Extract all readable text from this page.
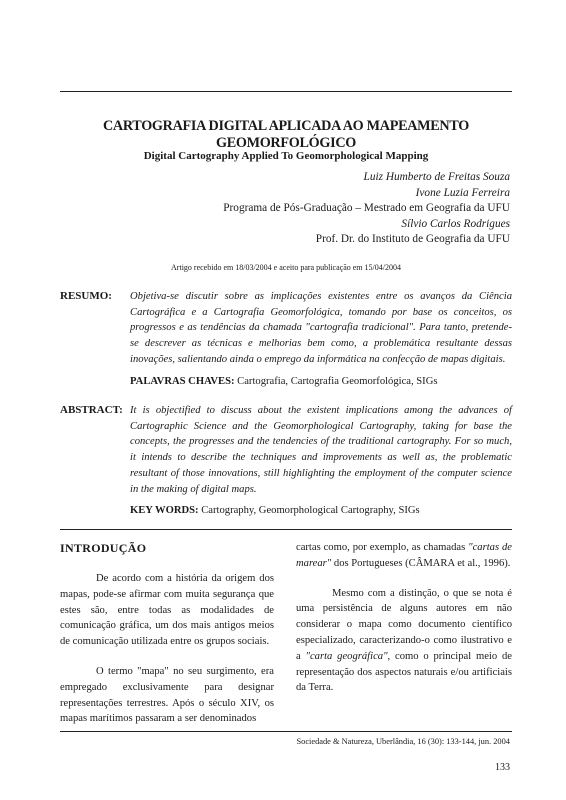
CARTOGRAFIA DIGITAL APLICADA AO MAPEAMENTO GEOMORFOLÓGICO
Digital Cartography Applied To Geomorphological Mapping
Luiz Humberto de Freitas Souza
Ivone Luzia Ferreira
Programa de Pós-Graduação – Mestrado em Geografia da UFU
Sílvio Carlos Rodrigues
Prof. Dr. do Instituto de Geografia da UFU
Artigo recebido em 18/03/2004 e aceito para publicação em 15/04/2004
RESUMO: Objetiva-se discutir sobre as implicações existentes entre os avanços da Ciência Cartográfica e a Cartografia Geomorfológica, tomando por base os conceitos, os progressos e as tendências da chamada "cartografia tradicional". Para tanto, pretende-se descrever as técnicas e melhorias bem como, a problemática resultante dessas inovações, salientando ainda o emprego da informática na confecção de mapas digitais.
PALAVRAS CHAVES: Cartografia, Cartografia Geomorfológica, SIGs
ABSTRACT: It is objectified to discuss about the existent implications among the advances of Cartographic Science and the Geomorphological Cartography, taking for base the concepts, the progresses and the tendencies of the traditional cartography. For so much, it intends to describe the techniques and improvements as well as, the problematic resultant of those innovations, still highlighting the employment of the computer science in the making of digital maps.
KEY WORDS: Cartography, Geomorphological Cartography, SIGs
INTRODUÇÃO

De acordo com a história da origem dos mapas, pode-se afirmar com muita segurança que estes são, entre todas as modalidades de comunicação gráfica, um dos mais antigos meios de comunicação utilizada entre os grupos sociais.

O termo "mapa" no seu surgimento, era empregado exclusivamente para designar representações terrestres. Após o século XIV, os mapas marítimos passaram a ser denominados

cartas como, por exemplo, as chamadas "cartas de marear" dos Portugueses (CÂMARA et al., 1996).

Mesmo com a distinção, o que se nota é uma persistência de alguns autores em não considerar o mapa como documento científico especializado, caracterizando-o como ilustrativo e a "carta geográfica", como o principal meio de representação dos aspectos naturais e/ou artificiais da Terra.

Sociedade & Natureza, Uberlândia, 16 (30): 133-144, jun. 2004
133
